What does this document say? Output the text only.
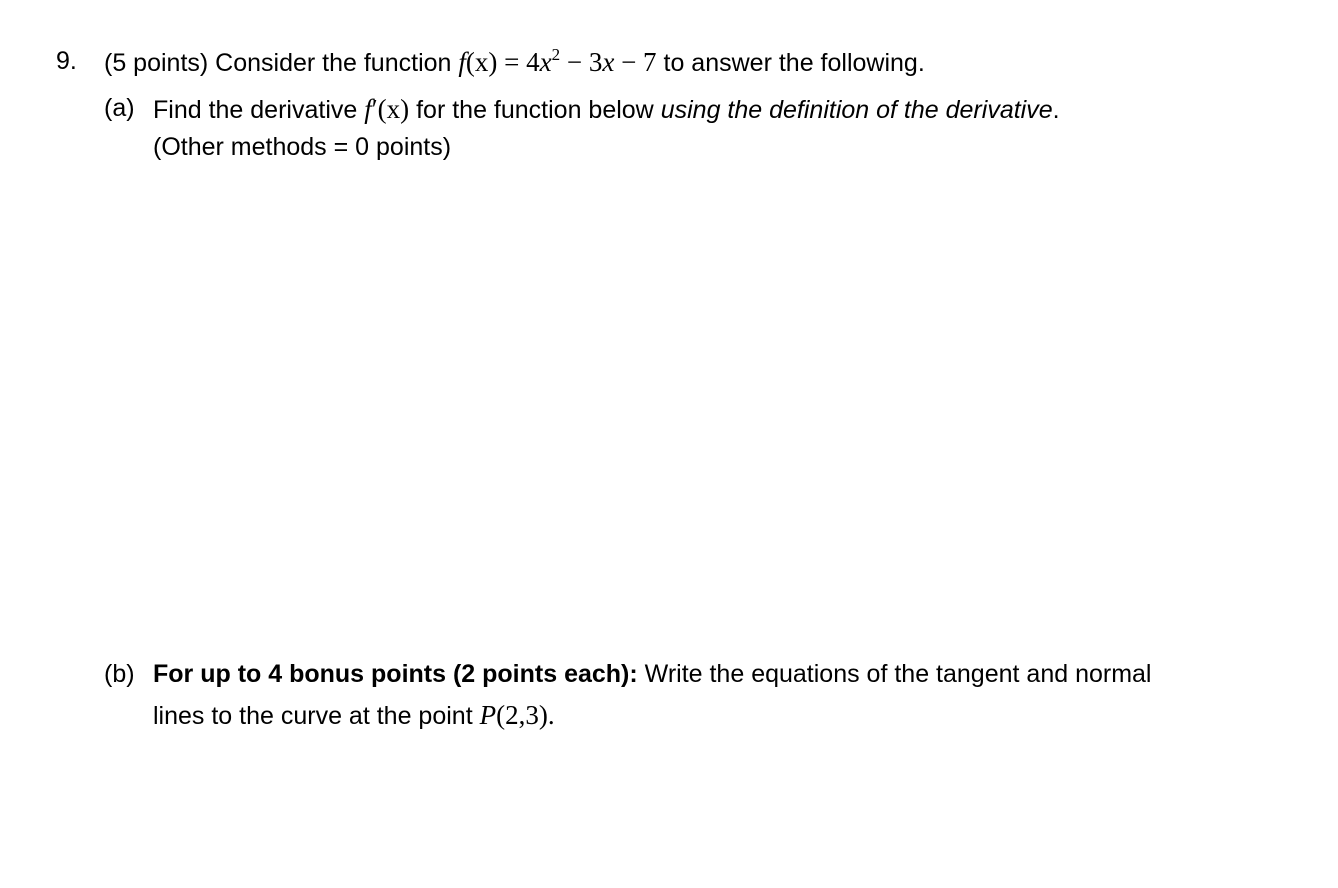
9. (5 points) Consider the function $f(x) = 4x^2 - 3x - 7$ to answer the following.
(a) Find the derivative f′(x) for the function below using the definition of the derivative.
(Other methods = 0 points)
(b) For up to 4 bonus points (2 points each): Write the equations of the tangent and normal
lines to the curve at the point P(2,3).
